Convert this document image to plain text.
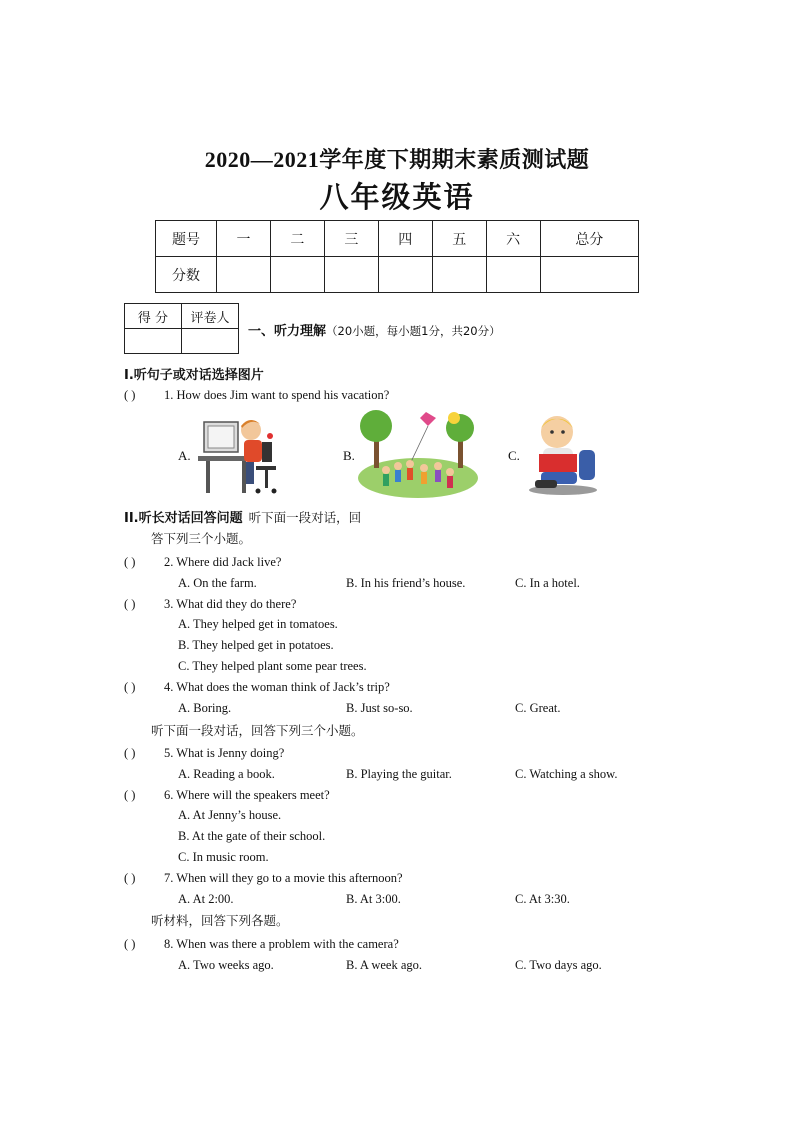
2020—2021学年度下期期末素质测试题
八年级英语
题号	一	二	三	四	五	六	总分
分数							
得 分	评卷人

一、听力理解（20小题，每小题1分，共20分）
I.听句子或对话选择图片
( ) 1. How does Jim want to spend his vacation?
A.	B.	C.
II.听长对话回答问题 听下面一段对话，回
答下列三个小题。
( ) 2. Where did Jack live?
A. On the farm.	B. In his friend’s house.	C. In a hotel.
( ) 3. What did they do there?
A. They helped get in tomatoes.
B. They helped get in potatoes.
C. They helped plant some pear trees.
( ) 4. What does the woman think of Jack’s trip?
A. Boring.	B. Just so-so.	C. Great.
听下面一段对话，回答下列三个小题。
( ) 5. What is Jenny doing?
A. Reading a book.	B. Playing the guitar.	C. Watching a show.
( ) 6. Where will the speakers meet?
A. At Jenny’s house.
B. At the gate of their school.
C. In music room.
( ) 7. When will they go to a movie this afternoon?
A. At 2:00.	B. At 3:00.	C. At 3:30.
听材料，回答下列各题。
( ) 8. When was there a problem with the camera?
A. Two weeks ago.	B. A week ago.	C. Two days ago.
